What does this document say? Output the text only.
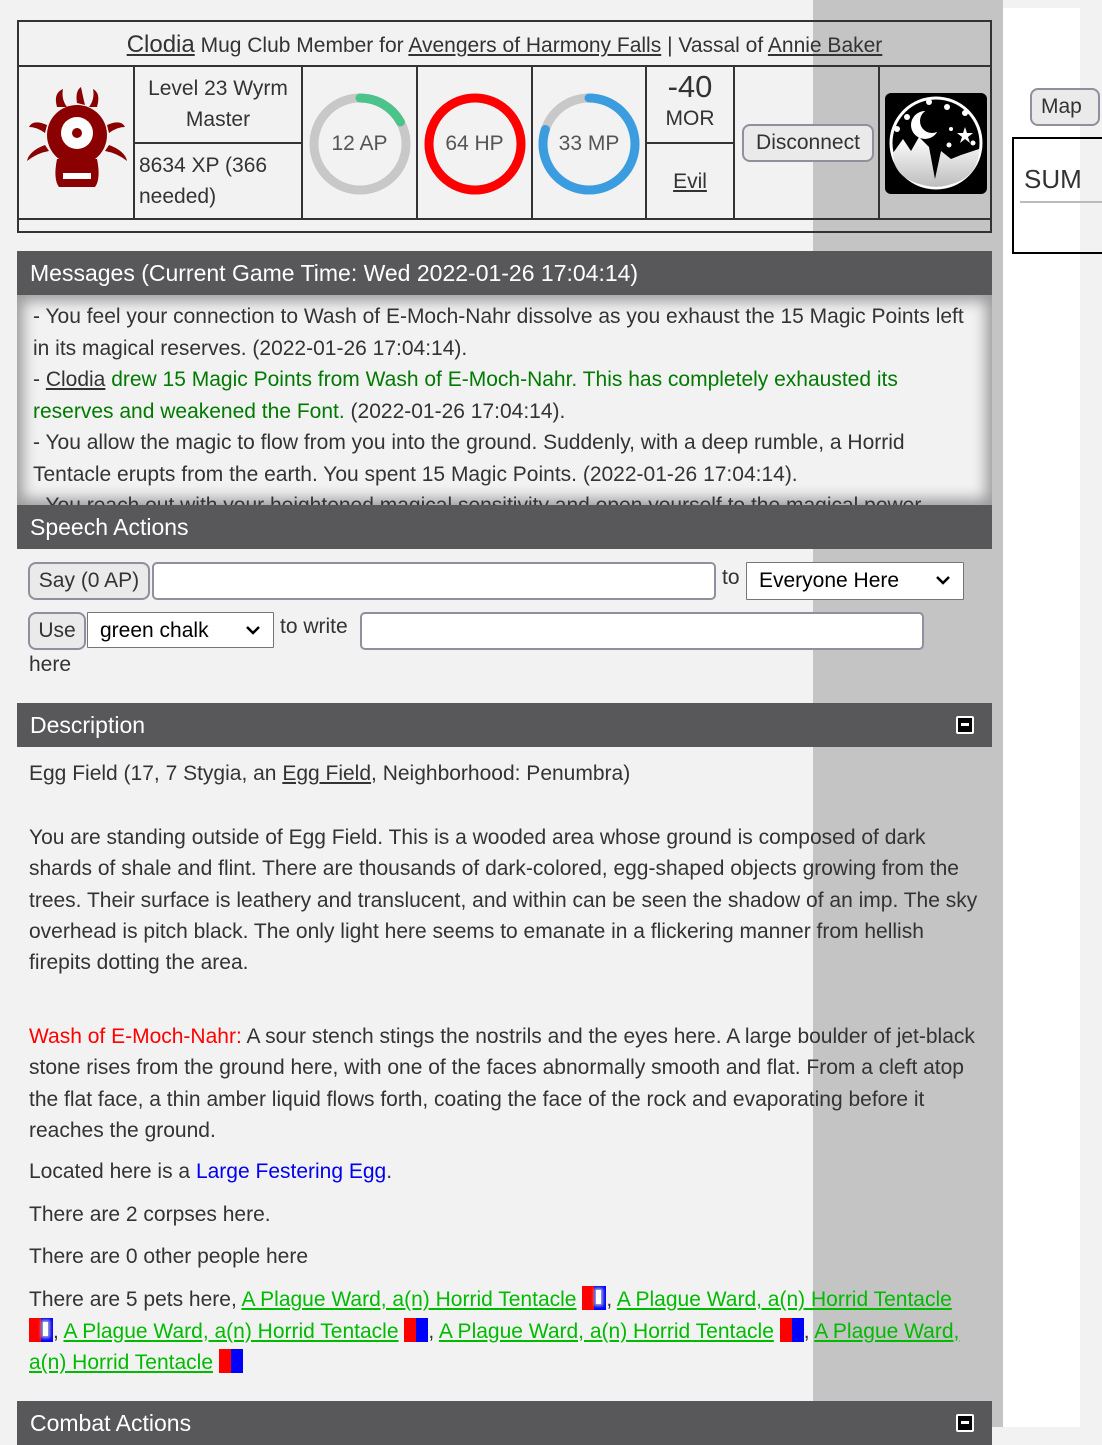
Clodia Mug Club Member for Avengers of Harmony Falls | Vassal of Annie Baker
Level 23 Wyrm Master
8634 XP (366 needed)
12 AP	64 HP	33 MP
-40
MOR
Evil
Disconnect
Messages (Current Game Time: Wed 2022-01-26 17:04:14)

- You feel your connection to Wash of E-Moch-Nahr dissolve as you exhaust the 15 Magic Points left in its magical reserves. (2022-01-26 17:04:14).

- Clodia drew 15 Magic Points from Wash of E-Moch-Nahr. This has completely exhausted its reserves and weakened the Font. (2022-01-26 17:04:14).

- You allow the magic to flow from you into the ground. Suddenly, with a deep rumble, a Horrid Tentacle erupts from the earth. You spent 15 Magic Points. (2022-01-26 17:04:14).

Speech Actions
Say (0 AP)	to Everyone Here
Use	green chalk	to write
here
Description
Egg Field (17, 7 Stygia, an Egg Field, Neighborhood: Penumbra)
You are standing outside of Egg Field. This is a wooded area whose ground is composed of dark shards of shale and flint. There are thousands of dark-colored, egg-shaped objects growing from the trees. Their surface is leathery and translucent, and within can be seen the shadow of an imp. The sky overhead is pitch black. The only light here seems to emanate in a flickering manner from hellish firepits dotting the area.
Wash of E-Moch-Nahr: A sour stench stings the nostrils and the eyes here. A large boulder of jet-black stone rises from the ground here, with one of the faces abnormally smooth and flat. From a cleft atop the flat face, a thin amber liquid flows forth, coating the face of the rock and evaporating before it reaches the ground.
Located here is a Large Festering Egg.
There are 2 corpses here.
There are 0 other people here
There are 5 pets here, A Plague Ward, a(n) Horrid Tentacle , A Plague Ward, a(n) Horrid Tentacle , A Plague Ward, a(n) Horrid Tentacle , A Plague Ward, a(n) Horrid Tentacle , A Plague Ward, a(n) Horrid Tentacle
Combat Actions
Map
SUM
